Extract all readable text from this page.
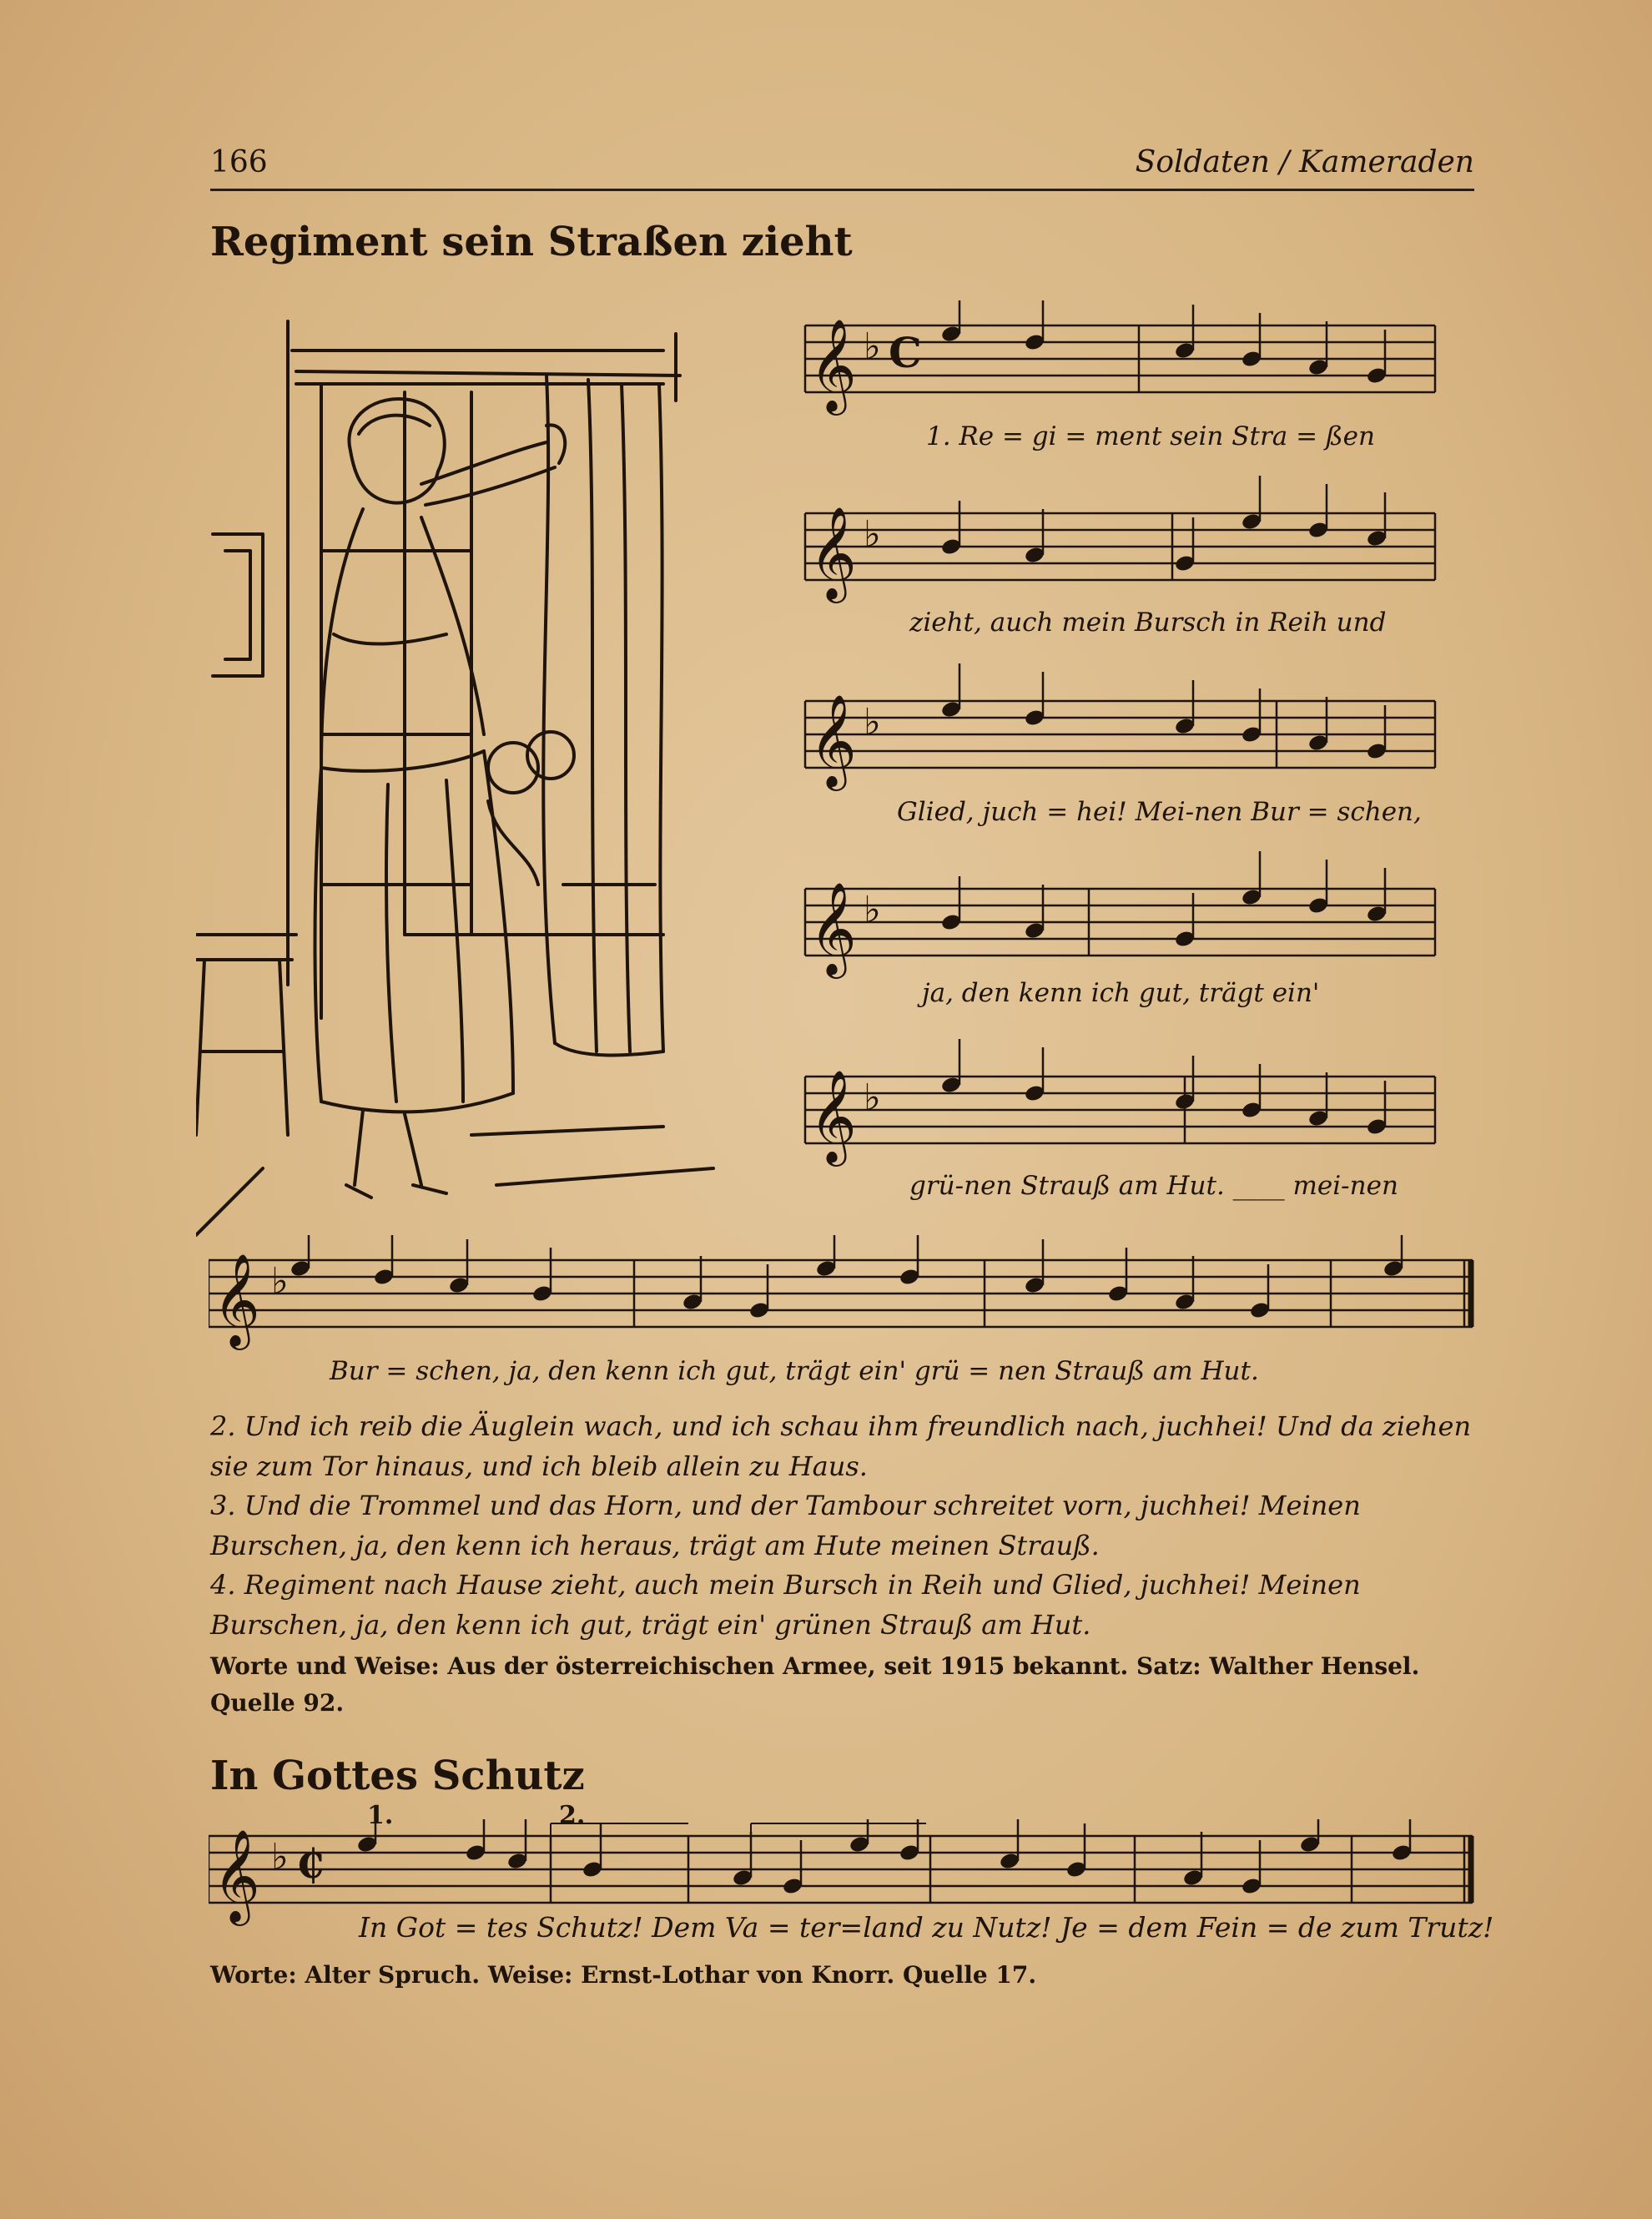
166	Soldaten / Kameraden
Regiment sein Straßen zieht
𝄞
𝄞
𝄞
𝄞
𝄞
♭
♭
♭
♭
♭
C
1. Re = gi = ment sein Stra = ßen
zieht, auch mein Bursch in Reih und
Glied, juch = hei! Mei-nen Bur = schen,
ja, den kenn ich gut, trägt ein'
grü-nen Strauß am Hut. ____ mei-nen
𝄞 ♭
Bur = schen, ja, den kenn ich gut, trägt ein' grü = nen Strauß am Hut.
2. Und ich reib die Äuglein wach, und ich schau ihm freundlich nach, juchhei! Und da ziehen sie zum Tor hinaus, und ich bleib allein zu Haus.
3. Und die Trommel und das Horn, und der Tambour schreitet vorn, juchhei! Meinen Burschen, ja, den kenn ich heraus, trägt am Hute meinen Strauß.
4. Regiment nach Hause zieht, auch mein Bursch in Reih und Glied, juchhei! Meinen Burschen, ja, den kenn ich gut, trägt ein' grünen Strauß am Hut.
Worte und Weise: Aus der österreichischen Armee, seit 1915 bekannt. Satz: Walther Hensel. Quelle 92.
In Gottes Schutz
1.	2.
𝄞 ♭ ₵
In Got = tes Schutz! Dem Va = ter=land zu Nutz! Je = dem Fein = de zum Trutz!
Worte: Alter Spruch. Weise: Ernst-Lothar von Knorr. Quelle 17.
